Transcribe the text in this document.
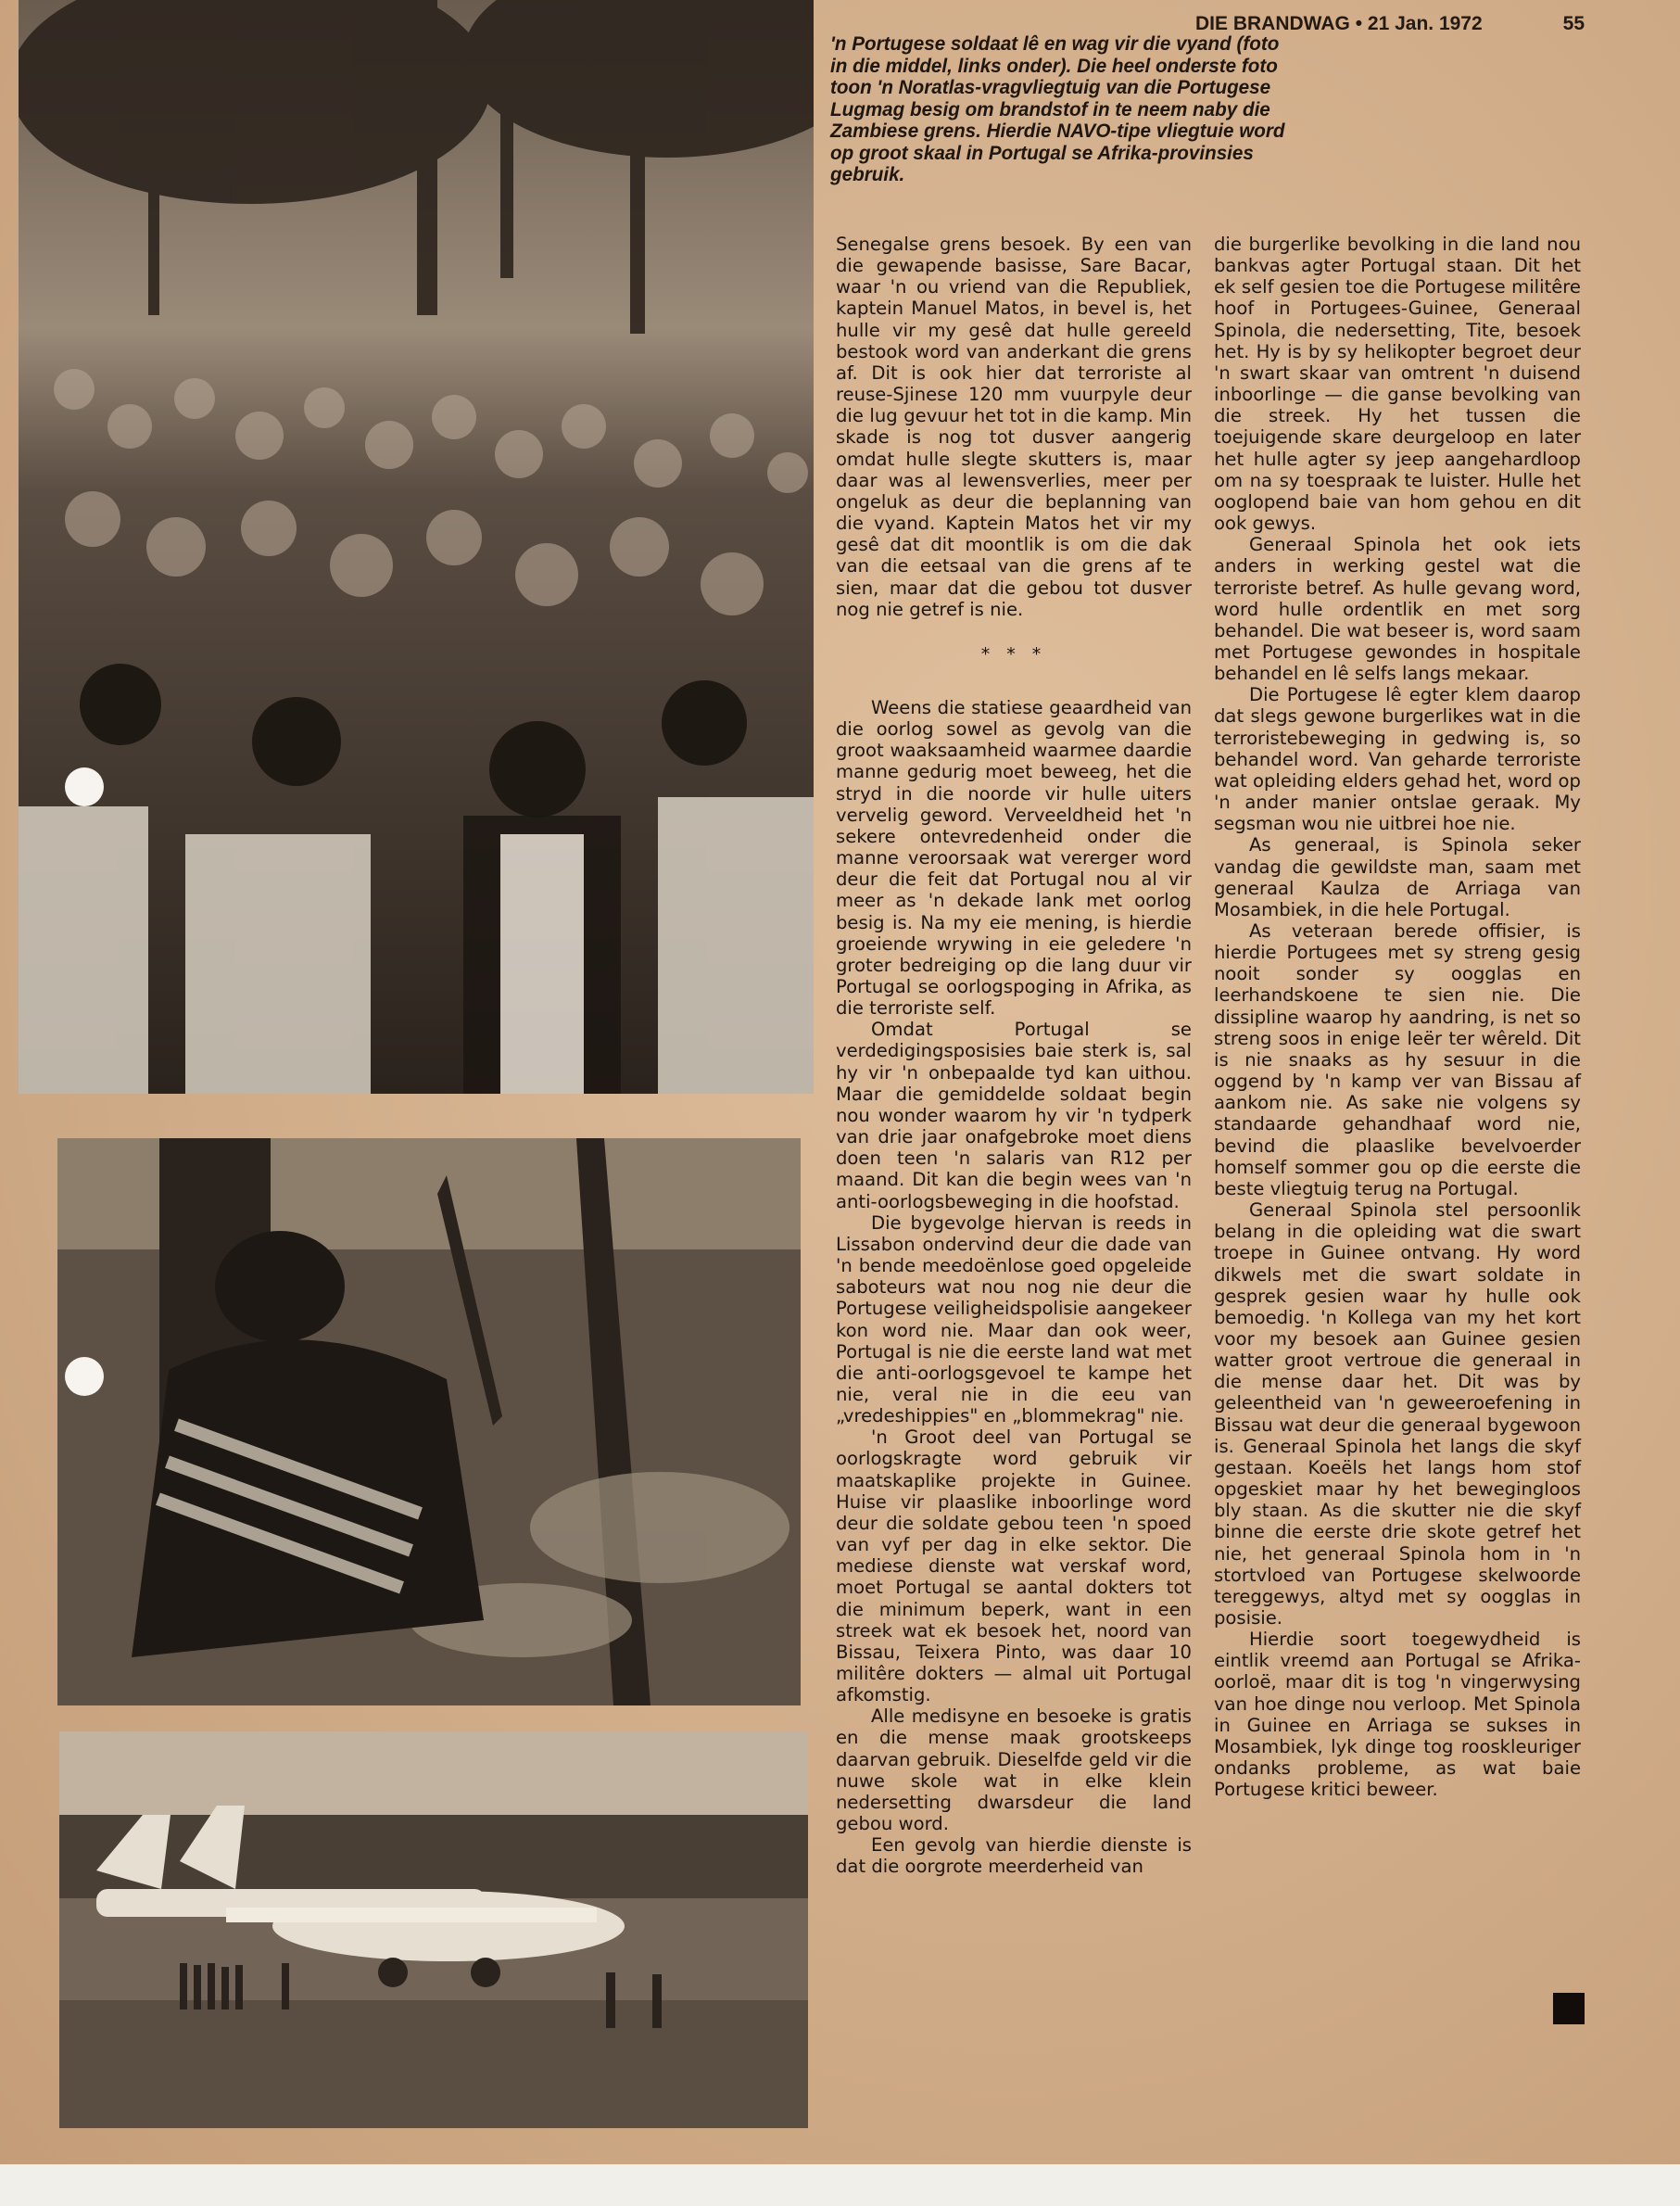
DIE BRANDWAG • 21 Jan. 1972	55
'n Portugese soldaat lê en wag vir die vyand (foto in die middel, links onder). Die heel onderste foto toon 'n Noratlas-vragvliegtuig van die Portugese Lugmag besig om brandstof in te neem naby die Zambiese grens. Hierdie NAVO-tipe vliegtuie word op groot skaal in Portugal se Afrika-provinsies gebruik.

Senegalse grens besoek. By een van die gewapende basisse, Sare Bacar, waar 'n ou vriend van die Republiek, kaptein Manuel Matos, in bevel is, het hulle vir my gesê dat hulle gereeld bestook word van anderkant die grens af. Dit is ook hier dat terroriste al reuse-Sjinese 120 mm vuurpyle deur die lug gevuur het tot in die kamp. Min skade is nog tot dusver aangerig omdat hulle slegte skutters is, maar daar was al lewensverlies, meer per ongeluk as deur die beplanning van die vyand. Kaptein Matos het vir my gesê dat dit moontlik is om die dak van die eetsaal van die grens af te sien, maar dat die gebou tot dusver nog nie getref is nie.

* * *

Weens die statiese geaardheid van die oorlog sowel as gevolg van die groot waaksaamheid waarmee daardie manne gedurig moet beweeg, het die stryd in die noorde vir hulle uiters vervelig geword. Verveeldheid het 'n sekere ontevredenheid onder die manne veroorsaak wat vererger word deur die feit dat Portugal nou al vir meer as 'n dekade lank met oorlog besig is. Na my eie mening, is hierdie groeiende wrywing in eie geledere 'n groter bedreiging op die lang duur vir Portugal se oorlogspoging in Afrika, as die terroriste self.

Omdat Portugal se verdedigingsposisies baie sterk is, sal hy vir 'n onbepaalde tyd kan uithou. Maar die gemiddelde soldaat begin nou wonder waarom hy vir 'n tydperk van drie jaar onafgebroke moet diens doen teen 'n salaris van R12 per maand. Dit kan die begin wees van 'n anti-oorlogsbeweging in die hoofstad.

Die bygevolge hiervan is reeds in Lissabon ondervind deur die dade van 'n bende meedoënlose goed opgeleide saboteurs wat nou nog nie deur die Portugese veiligheidspolisie aangekeer kon word nie. Maar dan ook weer, Portugal is nie die eerste land wat met die anti-oorlogsgevoel te kampe het nie, veral nie in die eeu van „vredeshippies" en „blommekrag" nie.

'n Groot deel van Portugal se oorlogskragte word gebruik vir maatskaplike projekte in Guinee. Huise vir plaaslike inboorlinge word deur die soldate gebou teen 'n spoed van vyf per dag in elke sektor. Die mediese dienste wat verskaf word, moet Portugal se aantal dokters tot die minimum beperk, want in een streek wat ek besoek het, noord van Bissau, Teixera Pinto, was daar 10 militêre dokters — almal uit Portugal afkomstig.

Alle medisyne en besoeke is gratis en die mense maak grootskeeps daarvan gebruik. Dieselfde geld vir die nuwe skole wat in elke klein nedersetting dwarsdeur die land gebou word.

Een gevolg van hierdie dienste is dat die oorgrote meerderheid van

die burgerlike bevolking in die land nou bankvas agter Portugal staan. Dit het ek self gesien toe die Portugese militêre hoof in Portugees-Guinee, Generaal Spinola, die nedersetting, Tite, besoek het. Hy is by sy helikopter begroet deur 'n swart skaar van omtrent 'n duisend inboorlinge — die ganse bevolking van die streek. Hy het tussen die toejuigende skare deurgeloop en later het hulle agter sy jeep aangehardloop om na sy toespraak te luister. Hulle het ooglopend baie van hom gehou en dit ook gewys.

Generaal Spinola het ook iets anders in werking gestel wat die terroriste betref. As hulle gevang word, word hulle ordentlik en met sorg behandel. Die wat beseer is, word saam met Portugese gewondes in hospitale behandel en lê selfs langs mekaar.

Die Portugese lê egter klem daarop dat slegs gewone burgerlikes wat in die terroristebeweging in gedwing is, so behandel word. Van geharde terroriste wat opleiding elders gehad het, word op 'n ander manier ontslae geraak. My segsman wou nie uitbrei hoe nie.

As generaal, is Spinola seker vandag die gewildste man, saam met generaal Kaulza de Arriaga van Mosambiek, in die hele Portugal.

As veteraan berede offisier, is hierdie Portugees met sy streng gesig nooit sonder sy oogglas en leerhandskoene te sien nie. Die dissipline waarop hy aandring, is net so streng soos in enige leër ter wêreld. Dit is nie snaaks as hy sesuur in die oggend by 'n kamp ver van Bissau af aankom nie. As sake nie volgens sy standaarde gehandhaaf word nie, bevind die plaaslike bevelvoerder homself sommer gou op die eerste die beste vliegtuig terug na Portugal.

Generaal Spinola stel persoonlik belang in die opleiding wat die swart troepe in Guinee ontvang. Hy word dikwels met die swart soldate in gesprek gesien waar hy hulle ook bemoedig. 'n Kollega van my het kort voor my besoek aan Guinee gesien watter groot vertroue die generaal in die mense daar het. Dit was by geleentheid van 'n geweeroefening in Bissau wat deur die generaal bygewoon is. Generaal Spinola het langs die skyf gestaan. Koeëls het langs hom stof opgeskiet maar hy het bewegingloos bly staan. As die skutter nie die skyf binne die eerste drie skote getref het nie, het generaal Spinola hom in 'n stortvloed van Portugese skelwoorde tereggewys, altyd met sy oogglas in posisie.

Hierdie soort toegewydheid is eintlik vreemd aan Portugal se Afrika-oorloë, maar dit is tog 'n vingerwysing van hoe dinge nou verloop. Met Spinola in Guinee en Arriaga se sukses in Mosambiek, lyk dinge tog rooskleuriger ondanks probleme, as wat baie Portugese kritici beweer.
